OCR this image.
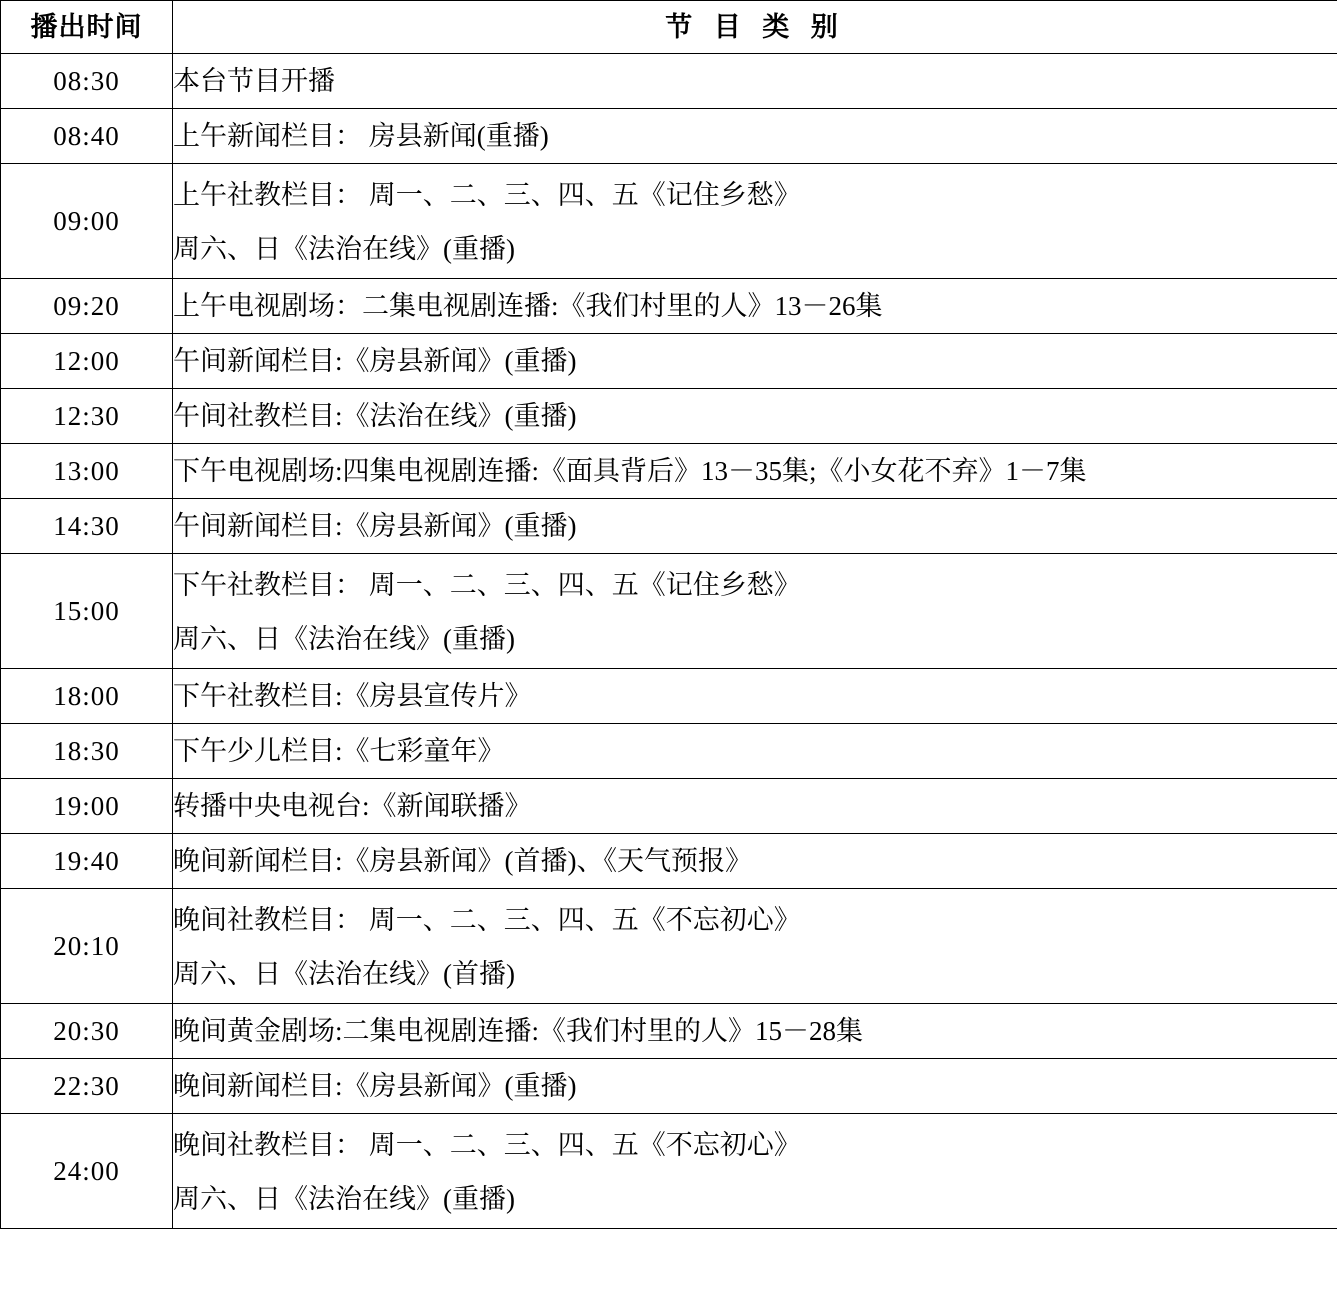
播出时间	节 目 类 别
08:30	本台节目开播

08:40	上午新闻栏目： 房县新闻(重播)

09:00	上午社教栏目： 周一、二、三、四、五《记住乡愁》
周六、日《法治在线》(重播)

09:20	上午电视剧场：二集电视剧连播:《我们村里的人》13－26集

12:00	午间新闻栏目:《房县新闻》(重播)

12:30	午间社教栏目:《法治在线》(重播)

13:00	下午电视剧场:四集电视剧连播:《面具背后》13－35集;《小女花不弃》1－7集

14:30	午间新闻栏目:《房县新闻》(重播)

15:00	下午社教栏目： 周一、二、三、四、五《记住乡愁》
周六、日《法治在线》(重播)

18:00	下午社教栏目:《房县宣传片》

18:30	下午少儿栏目:《七彩童年》

19:00	转播中央电视台:《新闻联播》

19:40	晚间新闻栏目:《房县新闻》(首播)、《天气预报》

20:10	晚间社教栏目： 周一、二、三、四、五《不忘初心》
周六、日《法治在线》(首播)

20:30	晚间黄金剧场:二集电视剧连播:《我们村里的人》15－28集

22:30	晚间新闻栏目:《房县新闻》(重播)

24:00	晚间社教栏目： 周一、二、三、四、五《不忘初心》
周六、日《法治在线》(重播)
